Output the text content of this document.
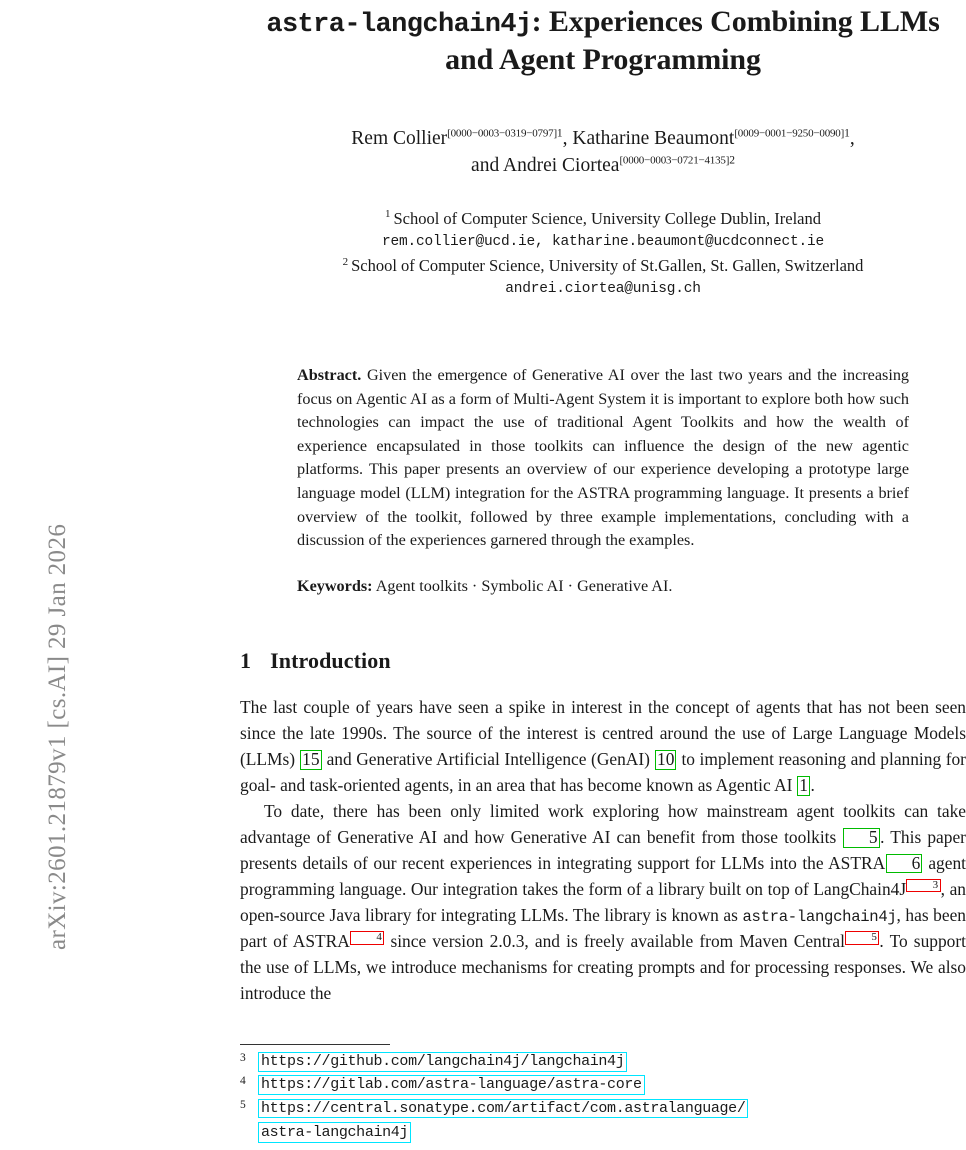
arXiv:2601.21879v1 [cs.AI] 29 Jan 2026
astra-langchain4j: Experiences Combining LLMs
and Agent Programming
Rem Collier$^{[0000-0003-0319-0797]1}$, Katharine Beaumont$^{[0009-0001-9250-0090]1}$,
and Andrei Ciortea$^{[0000-0003-0721-4135]2}$
$^1$ School of Computer Science, University College Dublin, Ireland
rem.collier@ucd.ie, katharine.beaumont@ucdconnect.ie
$^2$ School of Computer Science, University of St.Gallen, St. Gallen, Switzerland
andrei.ciortea@unisg.ch

Abstract. Given the emergence of Generative AI over the last two years and the increasing focus on Agentic AI as a form of Multi-Agent System it is important to explore both how such technologies can impact the use of traditional Agent Toolkits and how the wealth of experience encapsulated in those toolkits can influence the design of the new agentic platforms. This paper presents an overview of our experience developing a prototype large language model (LLM) integration for the ASTRA programming language. It presents a brief overview of the toolkit, followed by three example implementations, concluding with a discussion of the experiences garnered through the examples.

Keywords: Agent toolkits · Symbolic AI · Generative AI.

1 Introduction

The last couple of years have seen a spike in interest in the concept of agents that has not been seen since the late 1990s. The source of the interest is centred around the use of Large Language Models (LLMs) 15 and Generative Artificial Intelligence (GenAI) 10 to implement reasoning and planning for goal- and task-oriented agents, in an area that has become known as Agentic AI 1 .

To date, there has been only limited work exploring how mainstream agent toolkits can take advantage of Generative AI and how Generative AI can benefit from those toolkits 5 . This paper presents details of our recent experiences in integrating support for LLMs into the ASTRA 6 agent programming language. Our integration takes the form of a library built on top of LangChain4J 3 , an open-source Java library for integrating LLMs. The library is known as astra-langchain4j, has been part of ASTRA 4 since version 2.0.3, and is freely available from Maven Central 5 . To support the use of LLMs, we introduce mechanisms for creating prompts and for processing responses. We also introduce the

3	https://github.com/langchain4j/langchain4j
4	https://gitlab.com/astra-language/astra-core
5	https://central.sonatype.com/artifact/com.astralanguage/
astra-langchain4j
